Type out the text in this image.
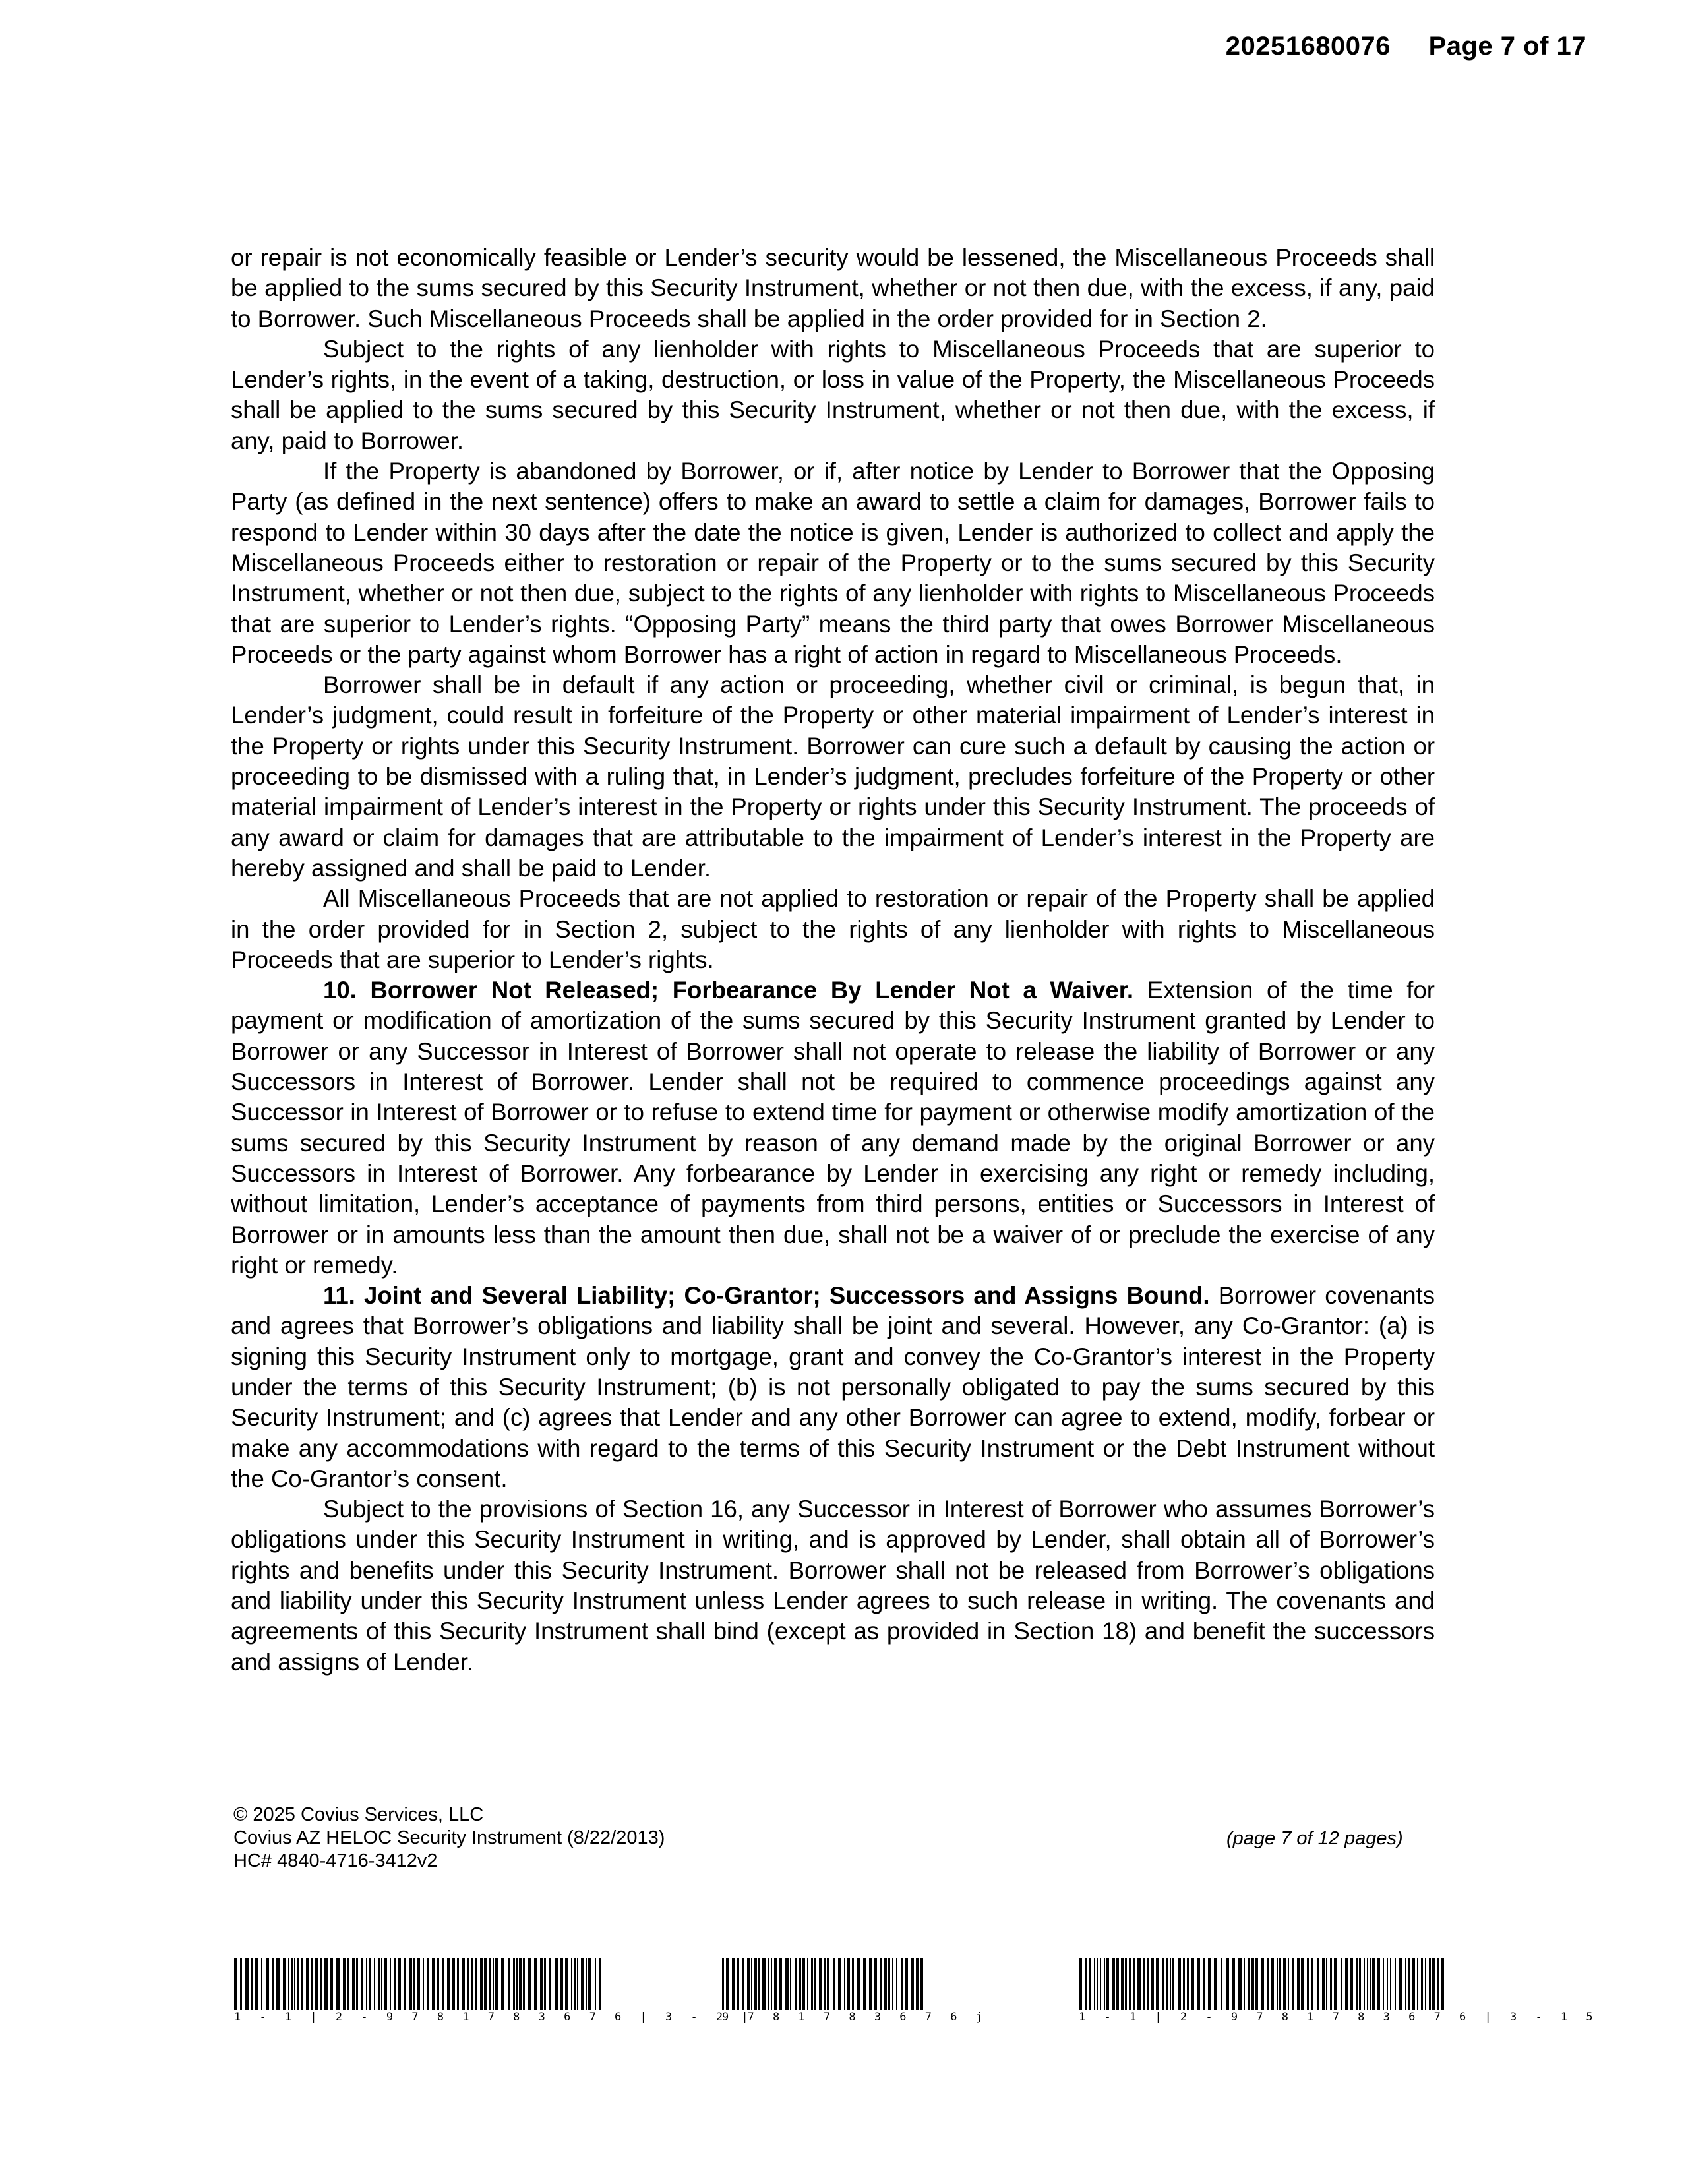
20251680076 Page 7 of 17

or repair is not economically feasible or Lender’s security would be lessened, the Miscellaneous Proceeds shall be applied to the sums secured by this Security Instrument, whether or not then due, with the excess, if any, paid to Borrower. Such Miscellaneous Proceeds shall be applied in the order provided for in Section 2.

Subject to the rights of any lienholder with rights to Miscellaneous Proceeds that are superior to Lender’s rights, in the event of a taking, destruction, or loss in value of the Property, the Miscellaneous Proceeds shall be applied to the sums secured by this Security Instrument, whether or not then due, with the excess, if any, paid to Borrower.

If the Property is abandoned by Borrower, or if, after notice by Lender to Borrower that the Opposing Party (as defined in the next sentence) offers to make an award to settle a claim for damages, Borrower fails to respond to Lender within 30 days after the date the notice is given, Lender is authorized to collect and apply the Miscellaneous Proceeds either to restoration or repair of the Property or to the sums secured by this Security Instrument, whether or not then due, subject to the rights of any lienholder with rights to Miscellaneous Proceeds that are superior to Lender’s rights. “Opposing Party” means the third party that owes Borrower Miscellaneous Proceeds or the party against whom Borrower has a right of action in regard to Miscellaneous Proceeds.

Borrower shall be in default if any action or proceeding, whether civil or criminal, is begun that, in Lender’s judgment, could result in forfeiture of the Property or other material impairment of Lender’s interest in the Property or rights under this Security Instrument. Borrower can cure such a default by causing the action or proceeding to be dismissed with a ruling that, in Lender’s judgment, precludes forfeiture of the Property or other material impairment of Lender’s interest in the Property or rights under this Security Instrument. The proceeds of any award or claim for damages that are attributable to the impairment of Lender’s interest in the Property are hereby assigned and shall be paid to Lender.

All Miscellaneous Proceeds that are not applied to restoration or repair of the Property shall be applied in the order provided for in Section 2, subject to the rights of any lienholder with rights to Miscellaneous Proceeds that are superior to Lender’s rights.

10. Borrower Not Released; Forbearance By Lender Not a Waiver. Extension of the time for payment or modification of amortization of the sums secured by this Security Instrument granted by Lender to Borrower or any Successor in Interest of Borrower shall not operate to release the liability of Borrower or any Successors in Interest of Borrower. Lender shall not be required to commence proceedings against any Successor in Interest of Borrower or to refuse to extend time for payment or otherwise modify amortization of the sums secured by this Security Instrument by reason of any demand made by the original Borrower or any Successors in Interest of Borrower. Any forbearance by Lender in exercising any right or remedy including, without limitation, Lender’s acceptance of payments from third persons, entities or Successors in Interest of Borrower or in amounts less than the amount then due, shall not be a waiver of or preclude the exercise of any right or remedy.

11. Joint and Several Liability; Co-Grantor; Successors and Assigns Bound. Borrower covenants and agrees that Borrower’s obligations and liability shall be joint and several. However, any Co-Grantor: (a) is signing this Security Instrument only to mortgage, grant and convey the Co-Grantor’s interest in the Property under the terms of this Security Instrument; (b) is not personally obligated to pay the sums secured by this Security Instrument; and (c) agrees that Lender and any other Borrower can agree to extend, modify, forbear or make any accommodations with regard to the terms of this Security Instrument or the Debt Instrument without the Co-Grantor’s consent.

Subject to the provisions of Section 16, any Successor in Interest of Borrower who assumes Borrower’s obligations under this Security Instrument in writing, and is approved by Lender, shall obtain all of Borrower’s rights and benefits under this Security Instrument. Borrower shall not be released from Borrower’s obligations and liability under this Security Instrument unless Lender agrees to such release in writing. The covenants and agreements of this Security Instrument shall bind (except as provided in Section 18) and benefit the successors and assigns of Lender.

© 2025 Covius Services, LLC
Covius AZ HELOC Security Instrument (8/22/2013)
HC# 4840-4716-3412v2
(page 7 of 12 pages)
1 - 1 | 2 - 9 7 8 1 7 8 3 6 7 6 | 3 - 2 |
9 7 8 1 7 8 3 6 7 6 j	1 - 1 | 2 - 9 7 8 1 7 8 3 6 7 6 | 3 - 1 5
